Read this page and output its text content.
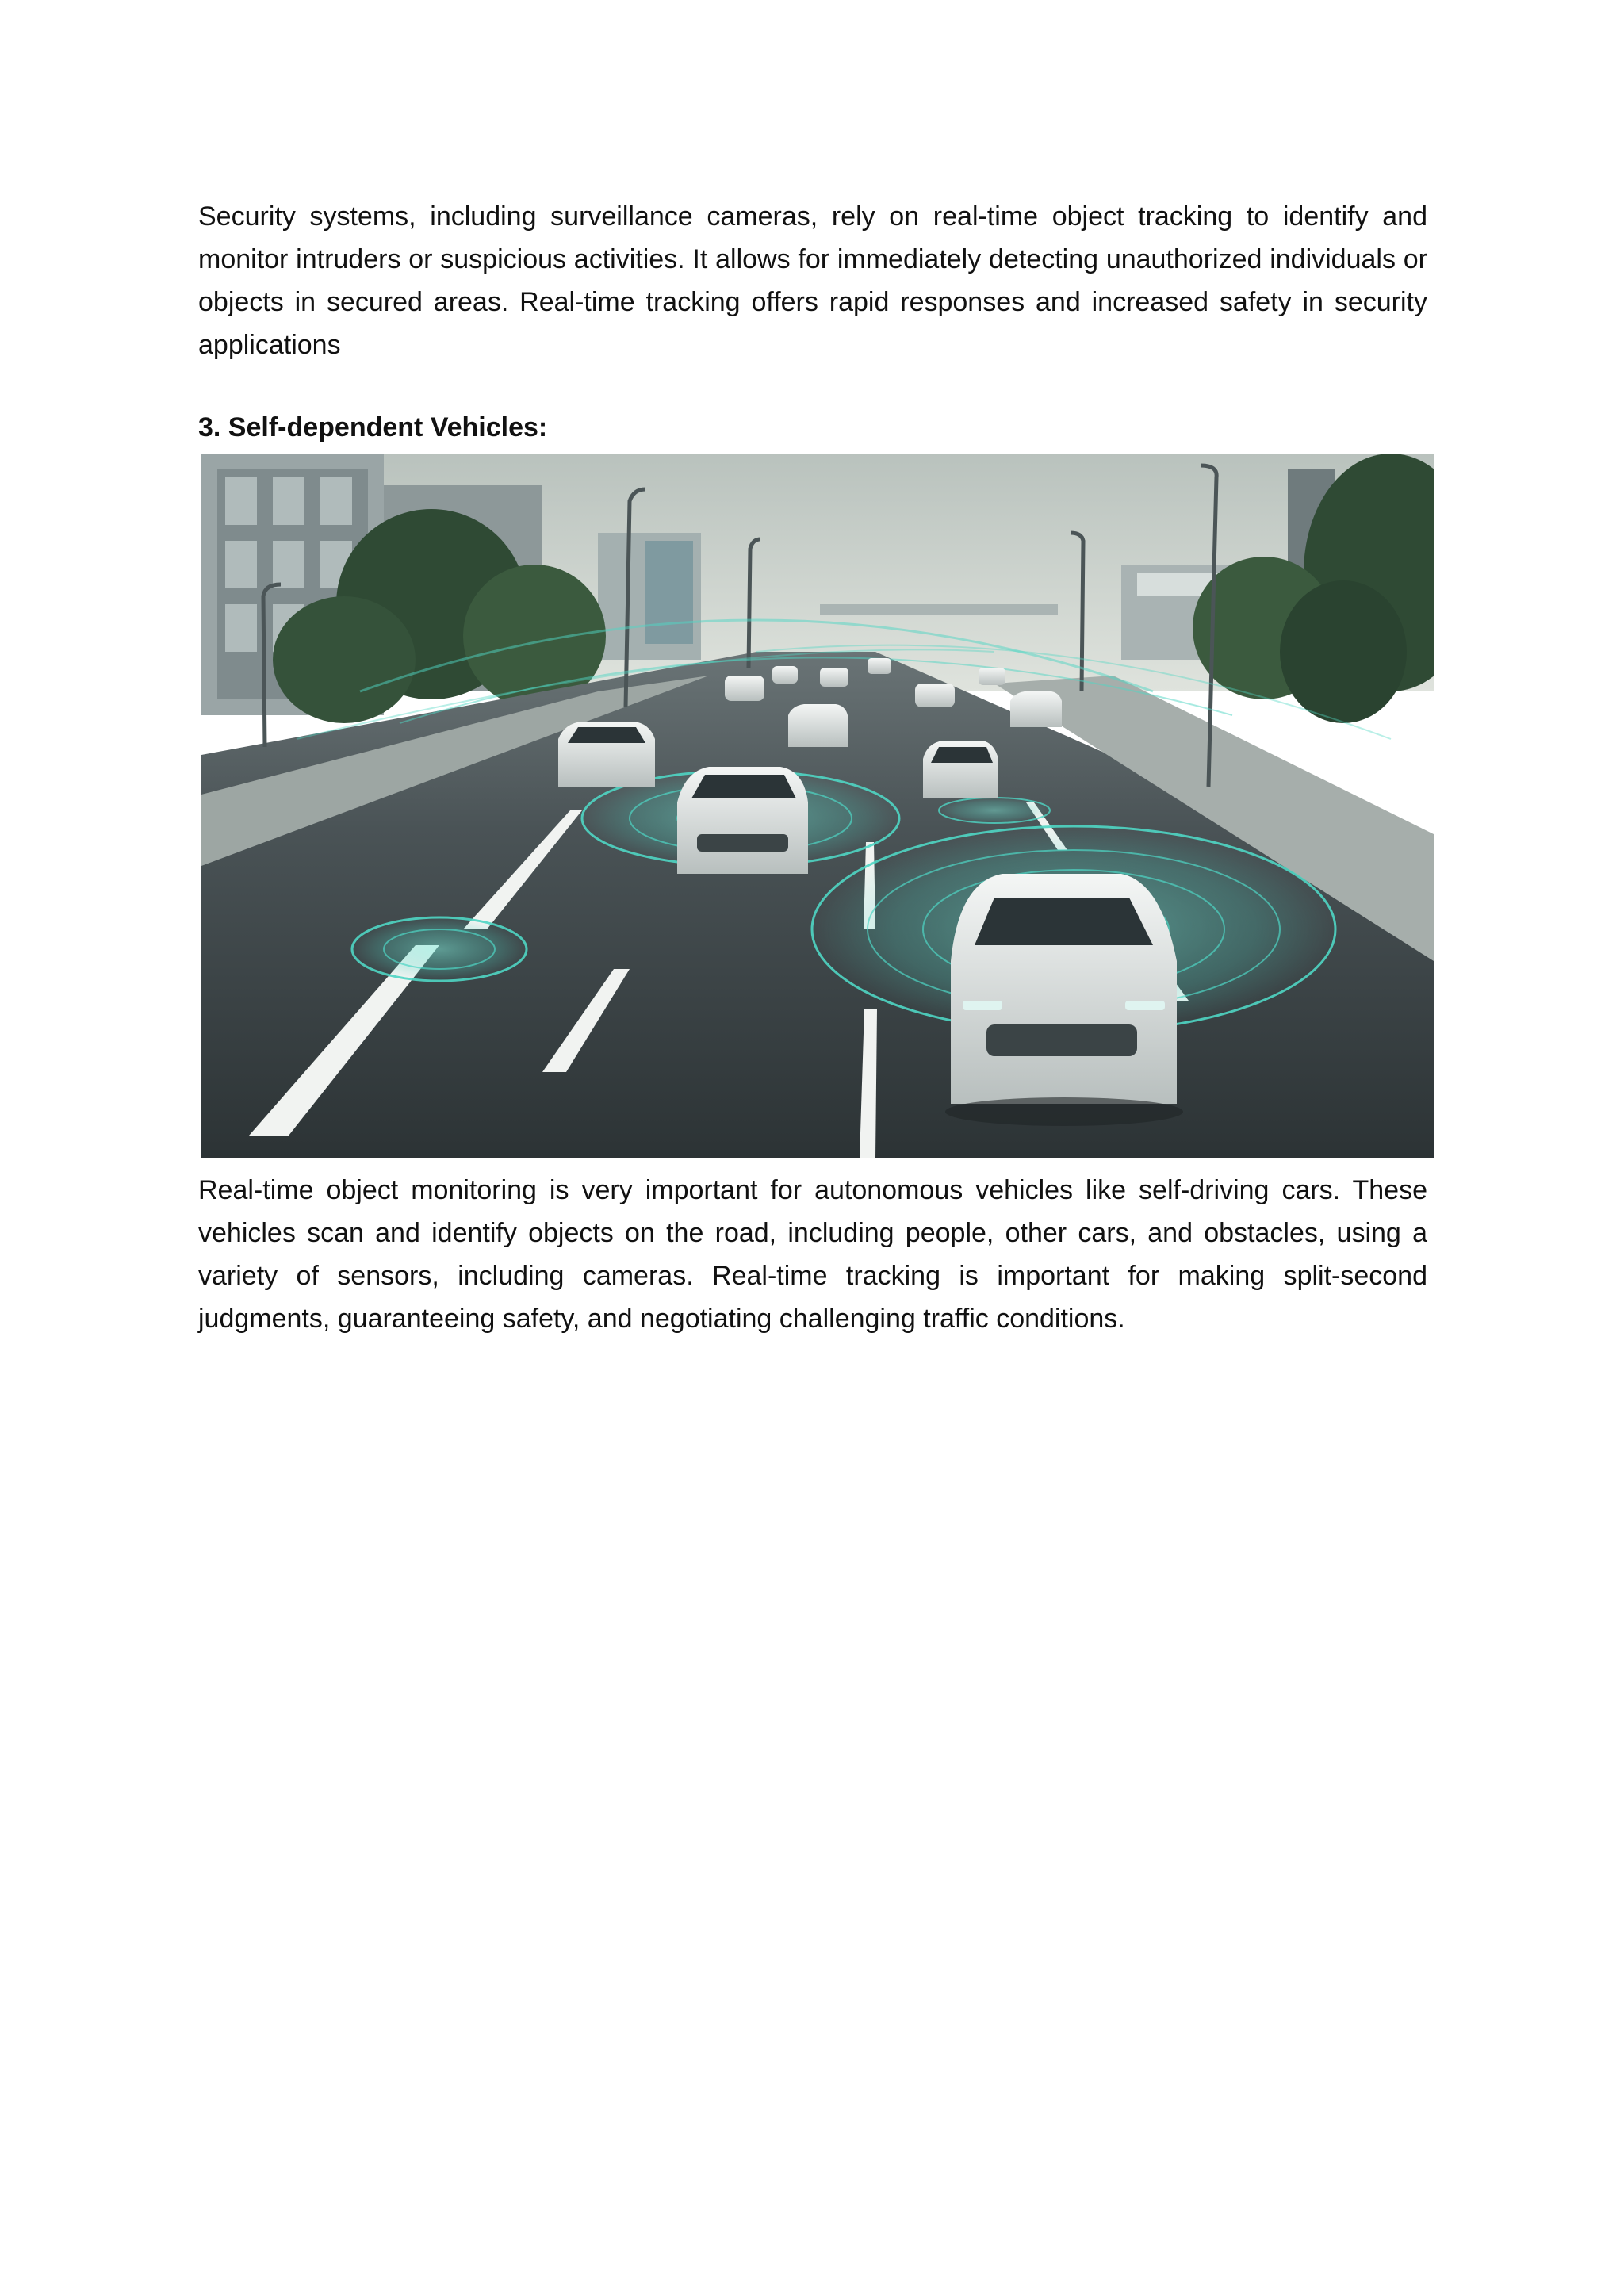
Security systems, including surveillance cameras, rely on real-time object tracking to identify and monitor intruders or suspicious activities. It allows for immediately detecting unauthorized individuals or objects in secured areas. Real-time tracking offers rapid responses and increased safety in security applications

3. Self-dependent Vehicles:

Real-time object monitoring is very important for autonomous vehicles like self-driving cars. These vehicles scan and identify objects on the road, including people, other cars, and obstacles, using a variety of sensors, including cameras. Real-time tracking is important for making split-second judgments, guaranteeing safety, and negotiating challenging traffic conditions.
